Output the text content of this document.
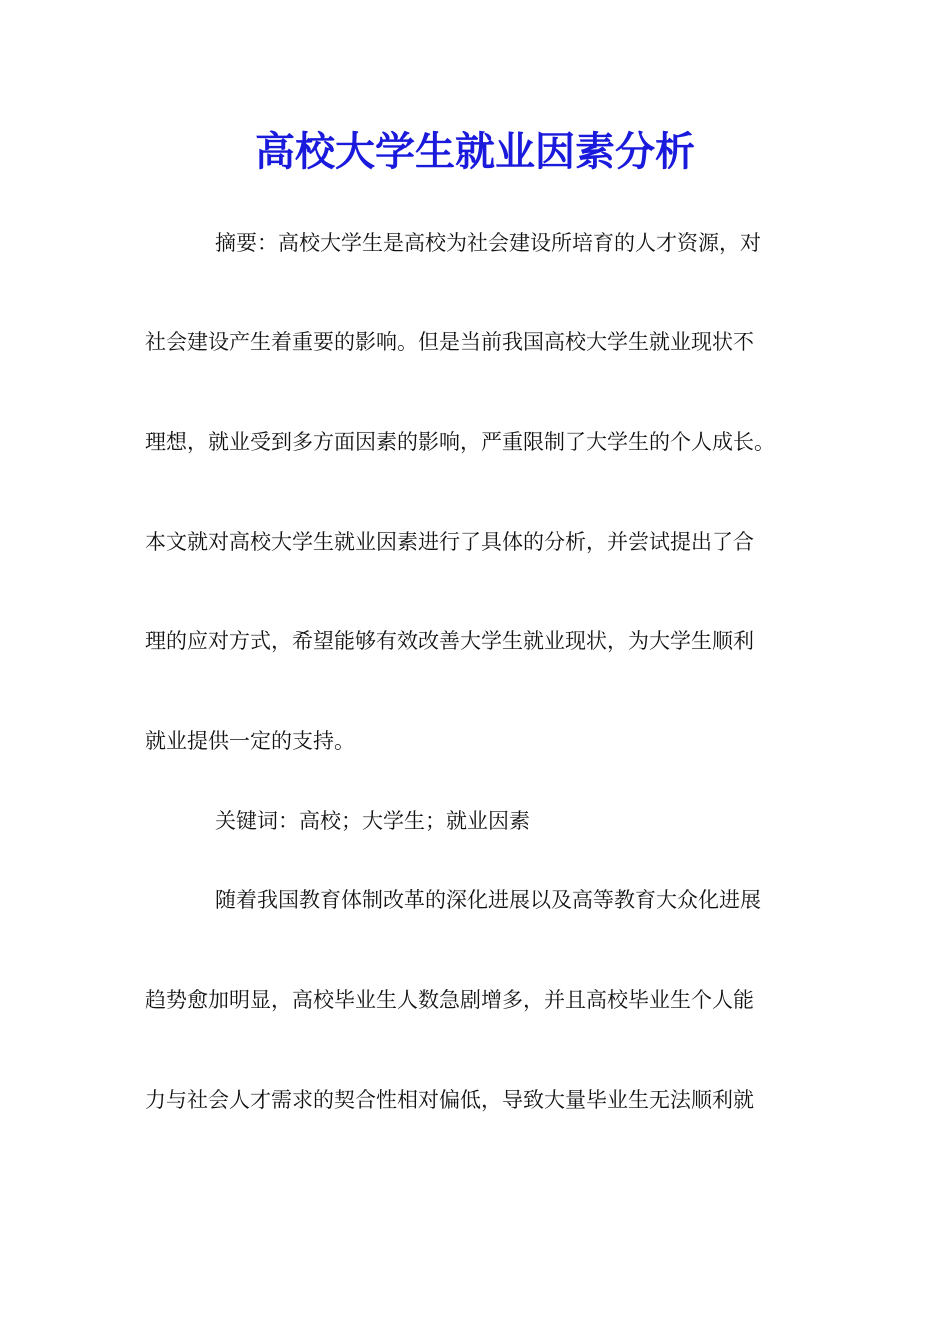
高校大学生就业因素分析

摘要：高校大学生是高校为社会建设所培育的人才资源，对

社会建设产生着重要的影响。但是当前我国高校大学生就业现状不

理想，就业受到多方面因素的影响，严重限制了大学生的个人成长。

本文就对高校大学生就业因素进行了具体的分析，并尝试提出了合

理的应对方式，希望能够有效改善大学生就业现状，为大学生顺利

就业提供一定的支持。

关键词：高校；大学生；就业因素

随着我国教育体制改革的深化进展以及高等教育大众化进展

趋势愈加明显，高校毕业生人数急剧增多，并且高校毕业生个人能

力与社会人才需求的契合性相对偏低，导致大量毕业生无法顺利就
